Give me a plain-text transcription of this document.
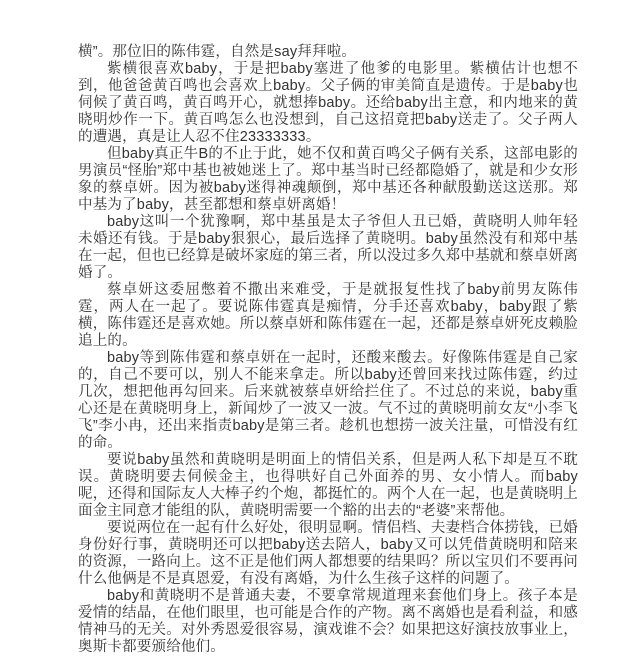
横”。那位旧的陈伟霆，自然是say拜拜啦。

紫横很喜欢baby，于是把baby塞进了他爹的电影里。紫横估计也想不到，他爸爸黄百鸣也会喜欢上baby。父子俩的审美简直是遗传。于是baby也伺候了黄百鸣，黄百鸣开心，就想捧baby。还给baby出主意，和内地来的黄晓明炒作一下。黄百鸣怎么也没想到，自己这招竟把baby送走了。父子两人的遭遇，真是让人忍不住23333333。

但baby真正牛B的不止于此，她不仅和黄百鸣父子俩有关系，这部电影的男演员“怪胎”郑中基也被她迷上了。郑中基当时已经都隐婚了，就是和少女形象的蔡卓妍。因为被baby迷得神魂颠倒，郑中基还各种献殷勤送这送那。郑中基为了baby，甚至都想和蔡卓妍离婚！

baby这叫一个犹豫啊，郑中基虽是太子爷但人丑已婚，黄晓明人帅年轻未婚还有钱。于是baby狠狠心，最后选择了黄晓明。baby虽然没有和郑中基在一起，但也已经算是破坏家庭的第三者，所以没过多久郑中基就和蔡卓妍离婚了。

蔡卓妍这委屈憋着不撒出来难受，于是就报复性找了baby前男友陈伟霆，两人在一起了。要说陈伟霆真是痴情，分手还喜欢baby，baby跟了紫横，陈伟霆还是喜欢她。所以蔡卓妍和陈伟霆在一起，还都是蔡卓妍死皮赖脸追上的。

baby等到陈伟霆和蔡卓妍在一起时，还酸来酸去。好像陈伟霆是自己家的，自己不要可以，别人不能来拿走。所以baby还曾回来找过陈伟霆，约过几次，想把他再勾回来。后来就被蔡卓妍给拦住了。不过总的来说，baby重心还是在黄晓明身上，新闻炒了一波又一波。气不过的黄晓明前女友“小李飞飞”李小冉，还出来指责baby是第三者。趁机也想捞一波关注量，可惜没有红的命。

要说baby虽然和黄晓明是明面上的情侣关系，但是两人私下却是互不耽误。黄晓明要去伺候金主，也得哄好自己外面养的男、女小情人。而baby呢，还得和国际友人大棒子约个炮，都挺忙的。两个人在一起，也是黄晓明上面金主同意才能组的队，黄晓明需要一个豁的出去的“老婆”来帮他。

要说两位在一起有什么好处，很明显啊。情侣档、夫妻档合体捞钱，已婚身份好行事，黄晓明还可以把baby送去陪人，baby又可以凭借黄晓明和陪来的资源，一路向上。这不正是他们两人都想要的结果吗？所以宝贝们不要再问什么他俩是不是真恩爱，有没有离婚，为什么生孩子这样的问题了。

baby和黄晓明不是普通夫妻，不要拿常规道理来套他们身上。孩子本是爱情的结晶，在他们眼里，也可能是合作的产物。离不离婚也是看利益，和感情神马的无关。对外秀恩爱很容易，演戏谁不会？如果把这好演技放事业上，奥斯卡都要颁给他们。
